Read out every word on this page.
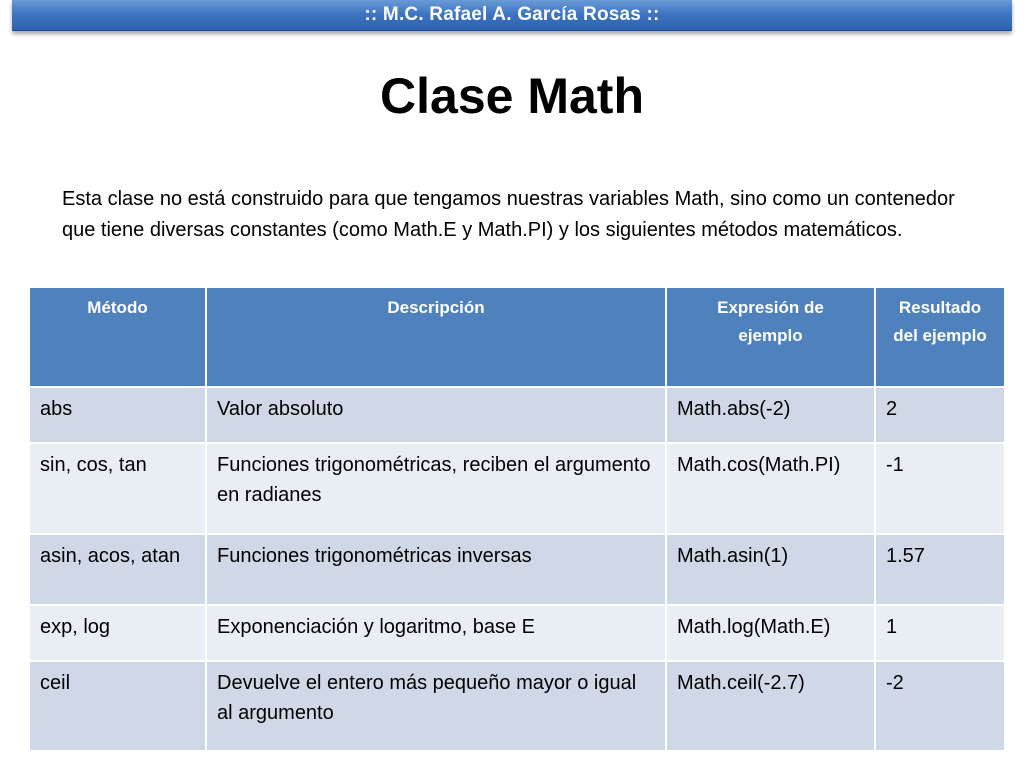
:: M.C. Rafael A. García Rosas ::
Clase Math
Esta clase no está construido para que tengamos nuestras variables Math, sino como un contenedor que tiene diversas constantes (como Math.E y Math.PI) y los siguientes métodos matemáticos.
Método	Descripción	Expresión de ejemplo	Resultado del ejemplo
abs	Valor absoluto	Math.abs(-2)	2
sin, cos, tan	Funciones trigonométricas, reciben el argumento en radianes	Math.cos(Math.PI)	-1
asin, acos, atan	Funciones trigonométricas inversas	Math.asin(1)	1.57
exp, log	Exponenciación y logaritmo, base E	Math.log(Math.E)	1
ceil	Devuelve el entero más pequeño mayor o igual al argumento	Math.ceil(-2.7)	-2
